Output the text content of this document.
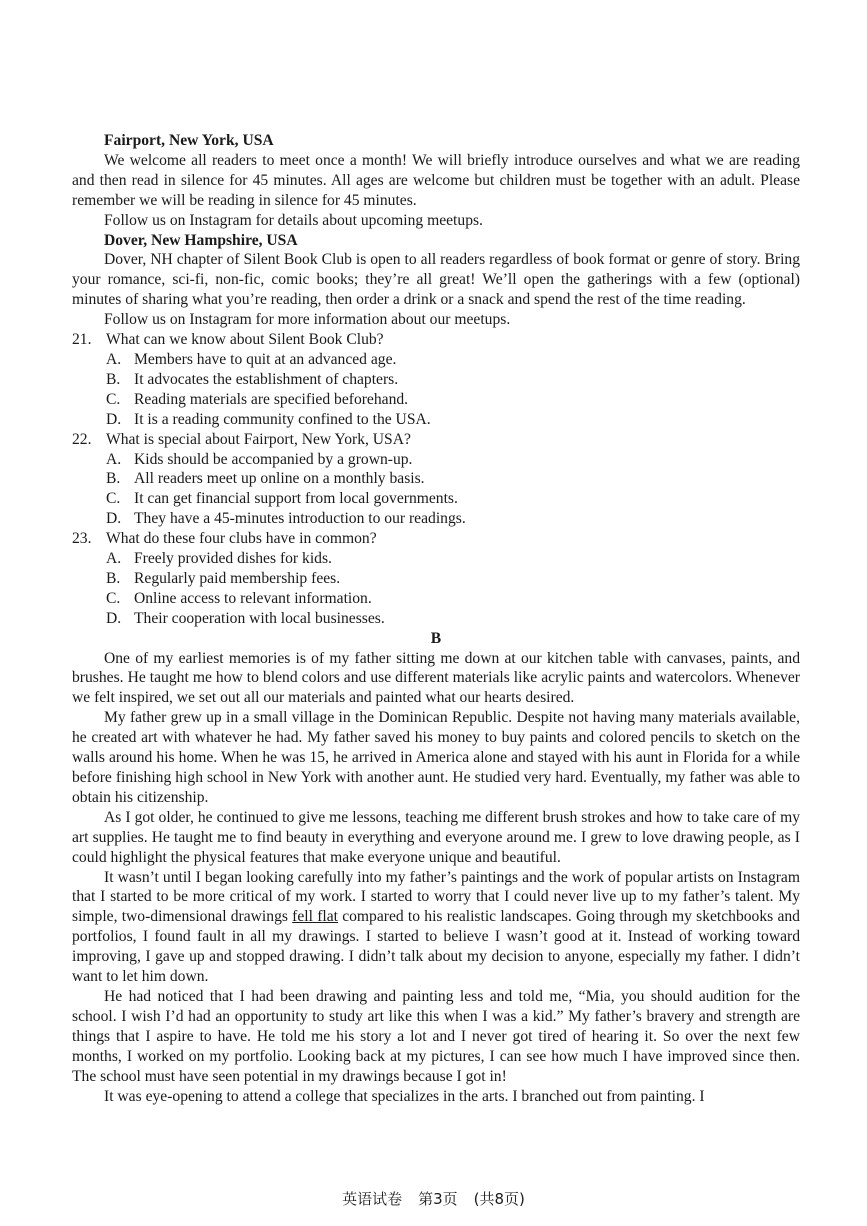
Fairport, New York, USA

We welcome all readers to meet once a month! We will briefly introduce ourselves and what we are reading and then read in silence for 45 minutes. All ages are welcome but children must be together with an adult. Please remember we will be reading in silence for 45 minutes.

Follow us on Instagram for details about upcoming meetups.

Dover, New Hampshire, USA

Dover, NH chapter of Silent Book Club is open to all readers regardless of book format or genre of story. Bring your romance, sci-fi, non-fic, comic books; they’re all great! We’ll open the gatherings with a few (optional) minutes of sharing what you’re reading, then order a drink or a snack and spend the rest of the time reading.

Follow us on Instagram for more information about our meetups.

21. What can we know about Silent Book Club?
A. Members have to quit at an advanced age.
B. It advocates the establishment of chapters.
C. Reading materials are specified beforehand.
D. It is a reading community confined to the USA.
22. What is special about Fairport, New York, USA?
A. Kids should be accompanied by a grown-up.
B. All readers meet up online on a monthly basis.
C. It can get financial support from local governments.
D. They have a 45-minutes introduction to our readings.
23. What do these four clubs have in common?
A. Freely provided dishes for kids.
B. Regularly paid membership fees.
C. Online access to relevant information.
D. Their cooperation with local businesses.
B

One of my earliest memories is of my father sitting me down at our kitchen table with canvases, paints, and brushes. He taught me how to blend colors and use different materials like acrylic paints and watercolors. Whenever we felt inspired, we set out all our materials and painted what our hearts desired.

My father grew up in a small village in the Dominican Republic. Despite not having many materials available, he created art with whatever he had. My father saved his money to buy paints and colored pencils to sketch on the walls around his home. When he was 15, he arrived in America alone and stayed with his aunt in Florida for a while before finishing high school in New York with another aunt. He studied very hard. Eventually, my father was able to obtain his citizenship.

As I got older, he continued to give me lessons, teaching me different brush strokes and how to take care of my art supplies. He taught me to find beauty in everything and everyone around me. I grew to love drawing people, as I could highlight the physical features that make everyone unique and beautiful.

It wasn’t until I began looking carefully into my father’s paintings and the work of popular artists on Instagram that I started to be more critical of my work. I started to worry that I could never live up to my father’s talent. My simple, two-dimensional drawings fell flat compared to his realistic landscapes. Going through my sketchbooks and portfolios, I found fault in all my drawings. I started to believe I wasn’t good at it. Instead of working toward improving, I gave up and stopped drawing. I didn’t talk about my decision to anyone, especially my father. I didn’t want to let him down.

He had noticed that I had been drawing and painting less and told me, “Mia, you should audition for the school. I wish I’d had an opportunity to study art like this when I was a kid.” My father’s bravery and strength are things that I aspire to have. He told me his story a lot and I never got tired of hearing it. So over the next few months, I worked on my portfolio. Looking back at my pictures, I can see how much I have improved since then. The school must have seen potential in my drawings because I got in!

It was eye-opening to attend a college that specializes in the arts. I branched out from painting. I

英语试卷 第3页 (共8页)
